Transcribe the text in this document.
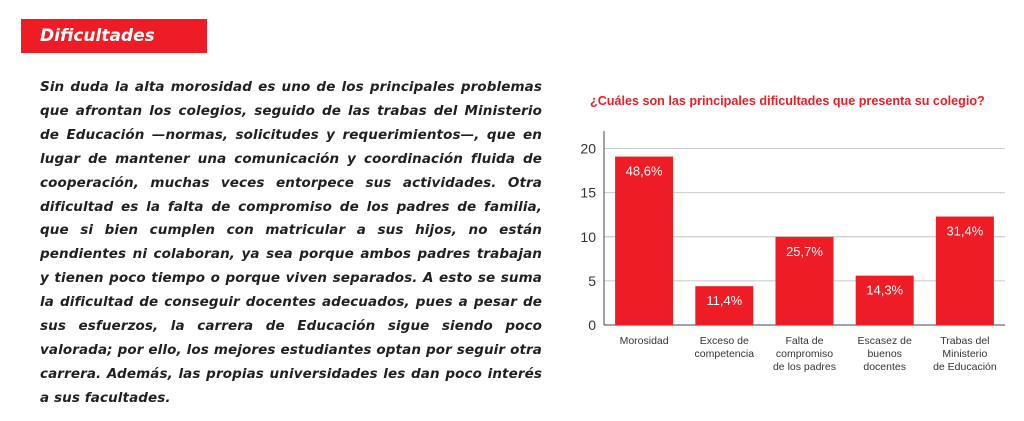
Dificultades

Sin duda la alta morosidad es uno de los principales problemas que afrontan los colegios, seguido de las trabas del Ministerio de Educación —normas, solicitudes y requerimientos—, que en lugar de mantener una comunicación y coordinación fluida de cooperación, muchas veces entorpece sus actividades. Otra dificultad es la falta de compromiso de los padres de familia, que si bien cumplen con matricular a sus hijos, no están pendientes ni colaboran, ya sea porque ambos padres trabajan y tienen poco tiempo o porque viven separados. A esto se suma la dificultad de conseguir docentes adecuados, pues a pesar de sus esfuerzos, la carrera de Educación sigue siendo poco valorada; por ello, los mejores estudiantes optan por seguir otra carrera. Además, las propias universidades les dan poco interés a sus facultades.

¿Cuáles son las principales dificultades que presenta su colegio?
0
5
10
15
20
48,6%
Morosidad
11,4%
Exceso de
competencia
25,7%
Falta de
compromiso
de los padres
14,3%
Escasez de
buenos
docentes
31,4%
Trabas del
Ministerio
de Educación
